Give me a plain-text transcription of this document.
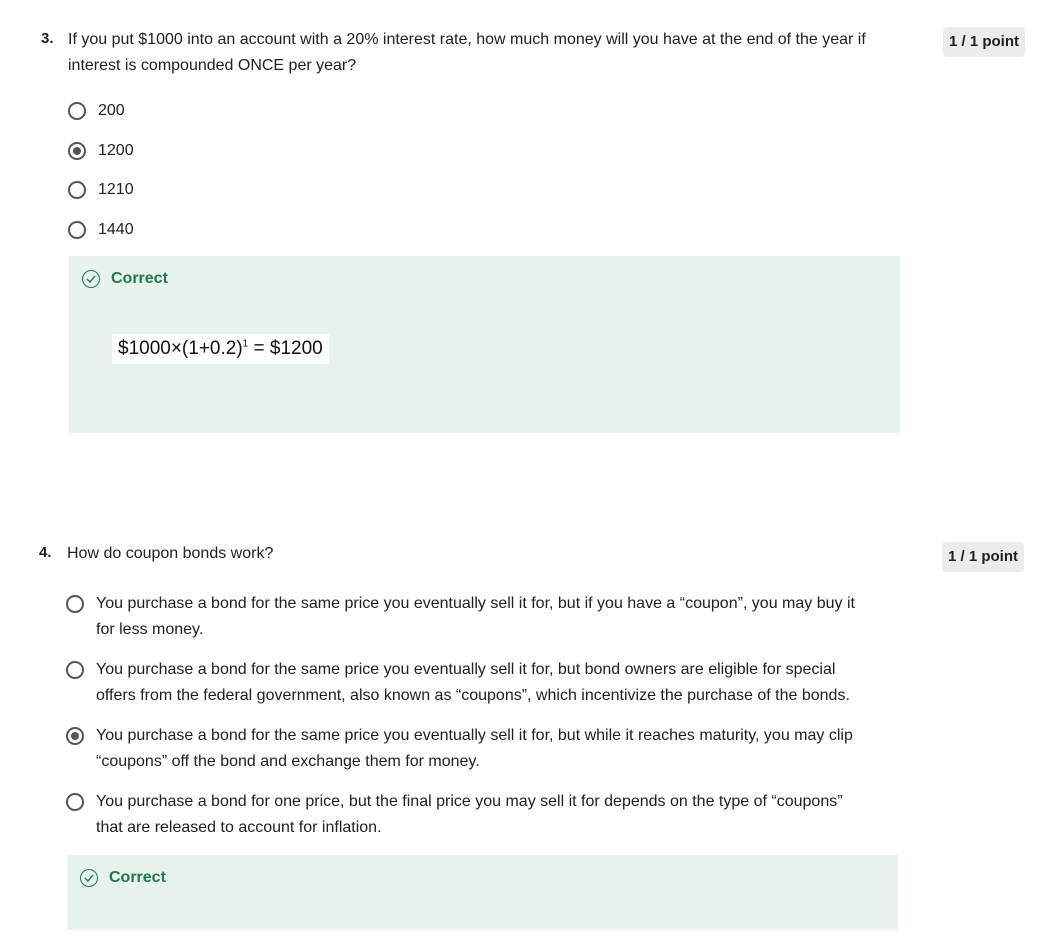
3. If you put $1000 into an account with a 20% interest rate, how much money will you have at the end of the year if
interest is compounded ONCE per year?
1 / 1 point
200
1200
1210
1440
Correct
$\$1000\times(1+0.2)^1$ = $1200
4. How do coupon bonds work?	1 / 1 point
You purchase a bond for the same price you eventually sell it for, but if you have a “coupon”, you may buy it
for less money.
You purchase a bond for the same price you eventually sell it for, but bond owners are eligible for special
offers from the federal government, also known as “coupons”, which incentivize the purchase of the bonds.
You purchase a bond for the same price you eventually sell it for, but while it reaches maturity, you may clip
“coupons” off the bond and exchange them for money.
You purchase a bond for one price, but the final price you may sell it for depends on the type of “coupons”
that are released to account for inflation.
Correct
